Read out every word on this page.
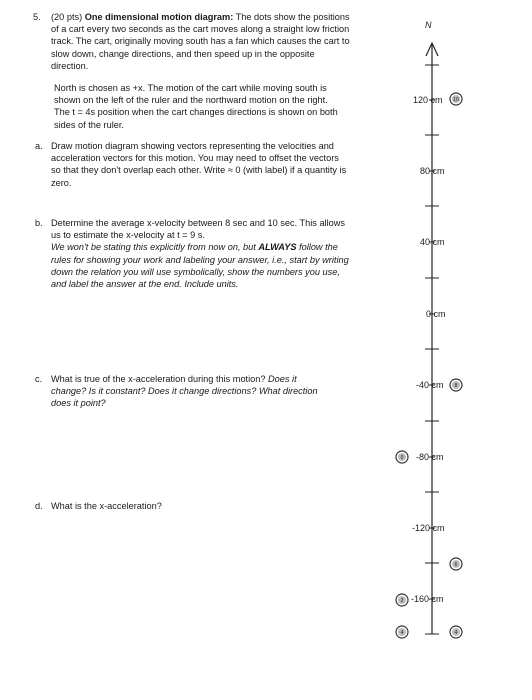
5. (20 pts) One dimensional motion diagram: The dots show the positions of a cart every two seconds as the cart moves along a straight low friction track. The cart, originally moving south has a fan which causes the cart to slow down, change directions, and then speed up in the opposite direction.
North is chosen as +x. The motion of the cart while moving south is shown on the left of the ruler and the northward motion on the right. The t = 4s position when the cart changes directions is shown on both sides of the ruler.
a. Draw motion diagram showing vectors representing the velocities and acceleration vectors for this motion. You may need to offset the vectors so that they don't overlap each other. Write ≈ 0 (with label) if a quantity is zero.
b. Determine the average x-velocity between 8 sec and 10 sec. This allows us to estimate the x-velocity at t = 9 s.
We won't be stating this explicitly from now on, but ALWAYS follow the rules for showing your work and labeling your answer, i.e., start by writing down the relation you will use symbolically, show the numbers you use, and label the answer at the end. Include units.
c. What is true of the x-acceleration during this motion? Does it change? Is it constant? Does it change directions? What direction does it point?
d. What is the x-acceleration?
N
10
8
0
6
2
4	4
120 cm
80 cm
40 cm
0 cm
-40 cm
-80 cm
-120 cm
-160 cm
